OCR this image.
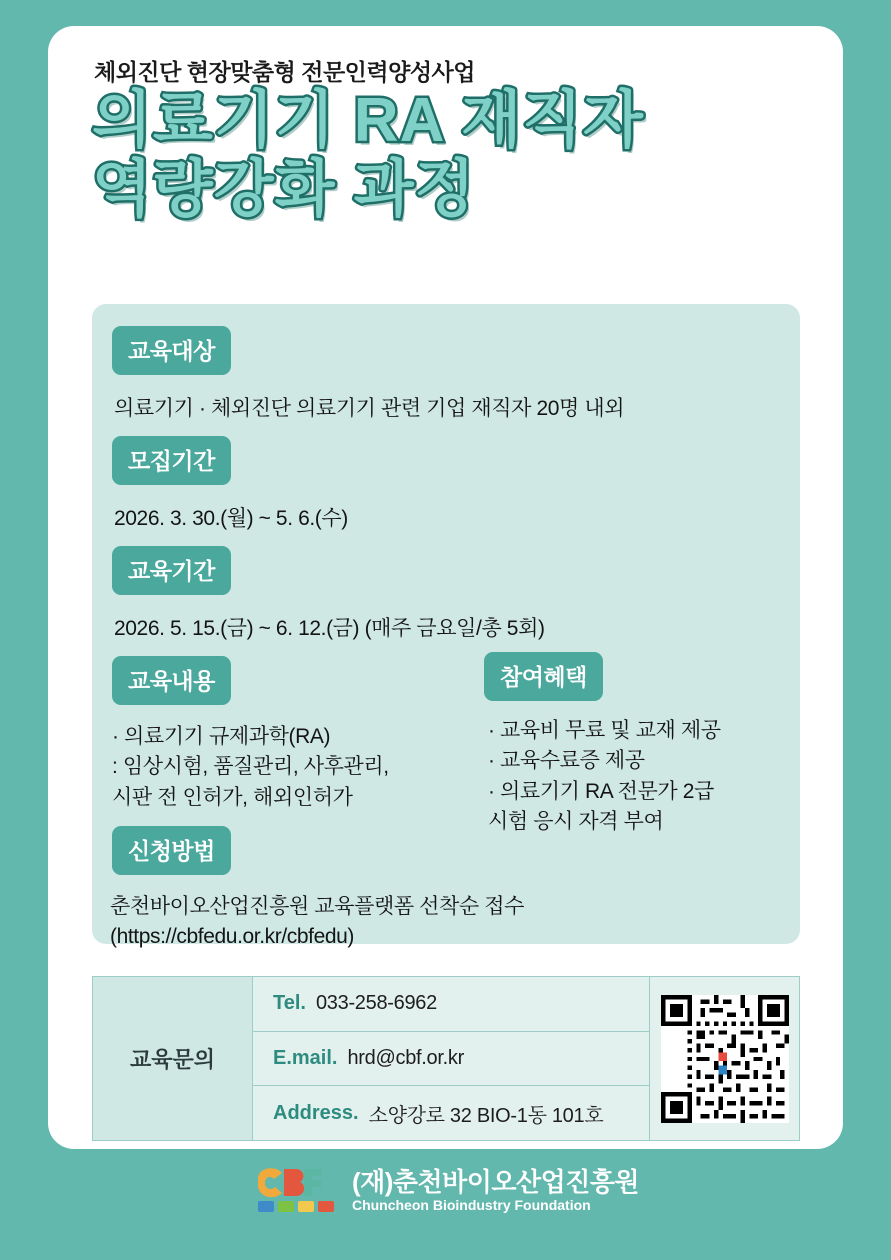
체외진단 현장맞춤형 전문인력양성사업
의료기기 RA 재직자
역량강화 과정
교육대상
의료기기 · 체외진단 의료기기 관련 기업 재직자 20명 내외
모집기간
2026. 3. 30.(월) ~ 5. 6.(수)
교육기간
2026. 5. 15.(금) ~ 6. 12.(금) (매주 금요일/총 5회)
교육내용
· 의료기기 규제과학(RA)
: 임상시험, 품질관리, 사후관리,
시판 전 인허가, 해외인허가
참여혜택
· 교육비 무료 및 교재 제공
· 교육수료증 제공
· 의료기기 RA 전문가 2급
시험 응시 자격 부여
신청방법
춘천바이오산업진흥원 교육플랫폼 선착순 접수
(https://cbfedu.or.kr/cbfedu)
교육문의
Tel. 033-258-6962
E.mail. hrd@cbf.or.kr
Address. 소양강로 32 BIO-1동 101호
(재)춘천바이오산업진흥원
Chuncheon Bioindustry Foundation
